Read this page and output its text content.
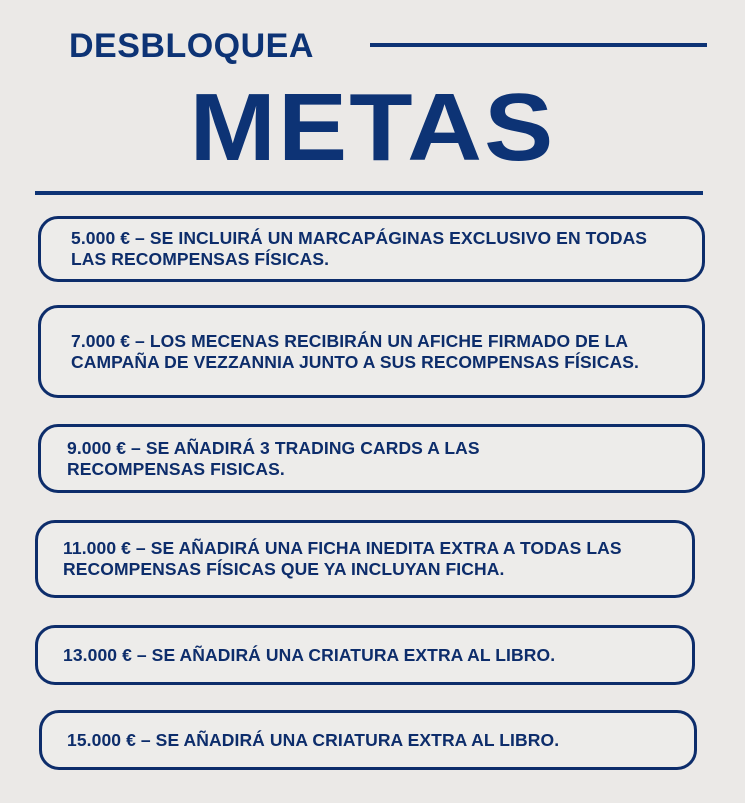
DESBLOQUEA
METAS
5.000 € – SE INCLUIRÁ UN MARCAPÁGINAS EXCLUSIVO EN TODAS LAS RECOMPENSAS FÍSICAS.
7.000 € – LOS MECENAS RECIBIRÁN UN AFICHE FIRMADO DE LA CAMPAÑA DE VEZZANNIA JUNTO A SUS RECOMPENSAS FÍSICAS.
9.000 € – SE AÑADIRÁ 3 TRADING CARDS A LAS RECOMPENSAS FISICAS.
11.000 € – SE AÑADIRÁ UNA FICHA INEDITA EXTRA A TODAS LAS RECOMPENSAS FÍSICAS QUE YA INCLUYAN FICHA.
13.000 € – SE AÑADIRÁ UNA CRIATURA EXTRA AL LIBRO.
15.000 € – SE AÑADIRÁ UNA CRIATURA EXTRA AL LIBRO.
